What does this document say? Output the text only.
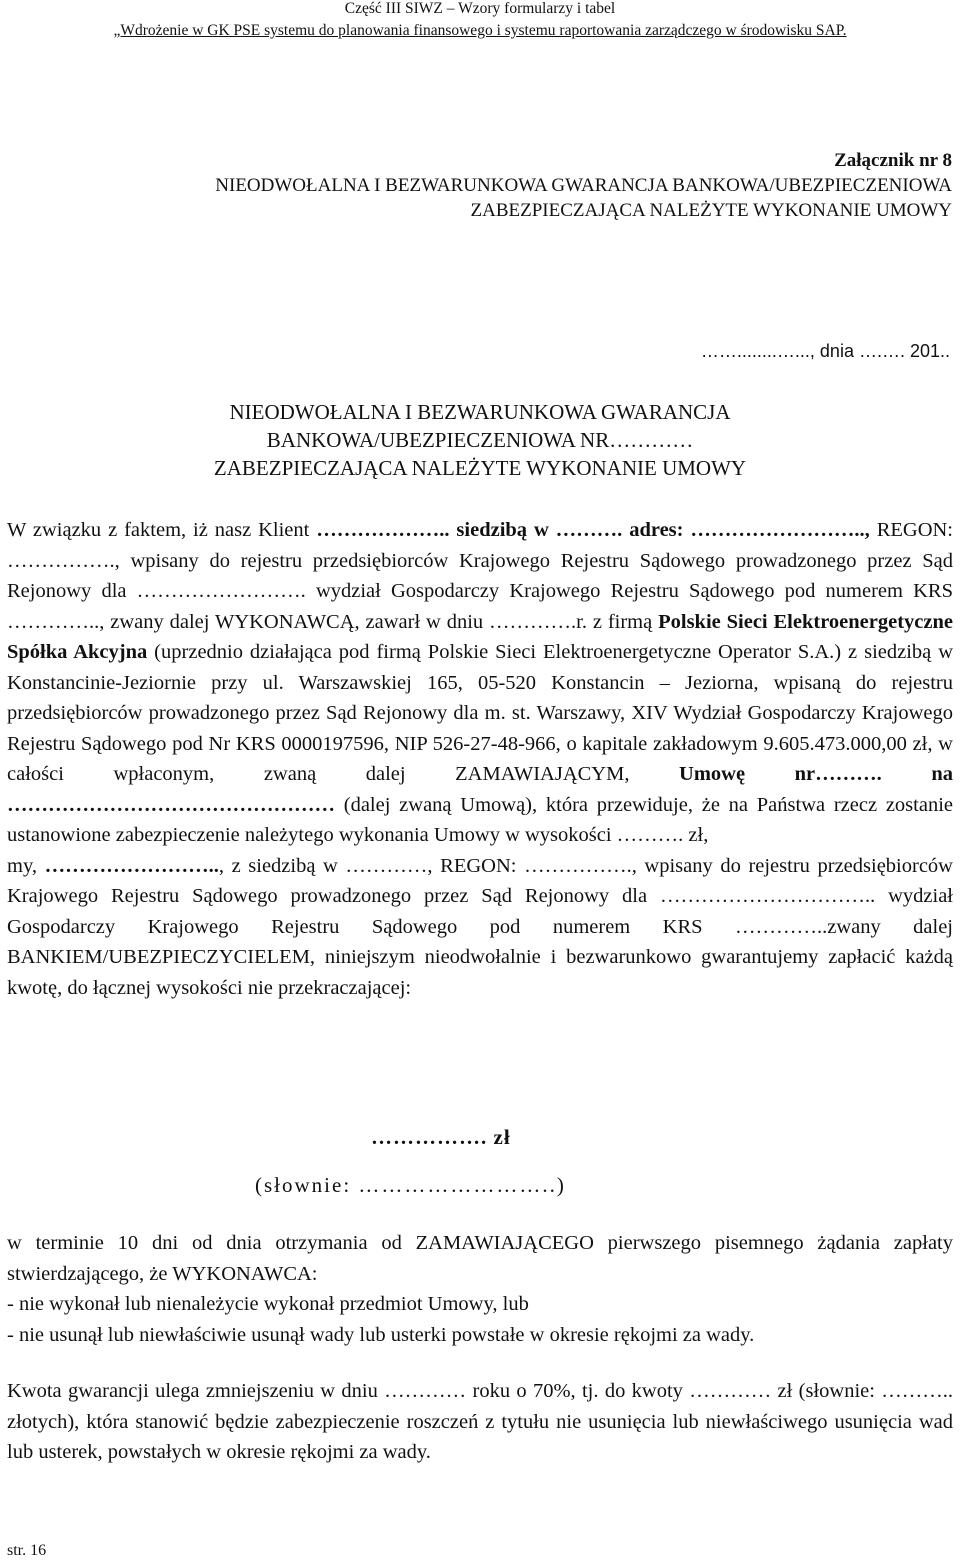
Część III SIWZ – Wzory formularzy i tabel
„Wdrożenie w GK PSE systemu do planowania finansowego i systemu raportowania zarządczego w środowisku SAP.
Załącznik nr 8
NIEODWOŁALNA I BEZWARUNKOWA GWARANCJA BANKOWA/UBEZPIECZENIOWA
ZABEZPIECZAJĄCA NALEŻYTE WYKONANIE UMOWY
……........…..., dnia ….…. 201..
NIEODWOŁALNA I BEZWARUNKOWA GWARANCJA
BANKOWA/UBEZPIECZENIOWA NR…………
ZABEZPIECZAJĄCA NALEŻYTE WYKONANIE UMOWY
W związku z faktem, iż nasz Klient ……………….. siedzibą w ………. adres: …………………….., REGON: ……………., wpisany do rejestru przedsiębiorców Krajowego Rejestru Sądowego prowadzonego przez Sąd Rejonowy dla ……………………. wydział Gospodarczy Krajowego Rejestru Sądowego pod numerem KRS ………….., zwany dalej WYKONAWCĄ, zawarł w dniu ………….r. z firmą Polskie Sieci Elektroenergetyczne Spółka Akcyjna (uprzednio działająca pod firmą Polskie Sieci Elektroenergetyczne Operator S.A.) z siedzibą w Konstancinie-Jeziornie przy ul. Warszawskiej 165, 05-520 Konstancin – Jeziorna, wpisaną do rejestru przedsiębiorców prowadzonego przez Sąd Rejonowy dla m. st. Warszawy, XIV Wydział Gospodarczy Krajowego Rejestru Sądowego pod Nr KRS 0000197596, NIP 526-27-48-966, o kapitale zakładowym 9.605.473.000,00 zł, w całości wpłaconym, zwaną dalej ZAMAWIAJĄCYM, Umowę nr………. na ………………………………………… (dalej zwaną Umową), która przewiduje, że na Państwa rzecz zostanie ustanowione zabezpieczenie należytego wykonania Umowy w wysokości ………. zł,
my, …………………….., z siedzibą w …………, REGON: ……………., wpisany do rejestru przedsiębiorców Krajowego Rejestru Sądowego prowadzonego przez Sąd Rejonowy dla ………………………….. wydział Gospodarczy Krajowego Rejestru Sądowego pod numerem KRS …………..zwany dalej BANKIEM/UBEZPIECZYCIELEM, niniejszym nieodwołalnie i bezwarunkowo gwarantujemy zapłacić każdą kwotę, do łącznej wysokości nie przekraczającej:
……………. zł
(słownie: ……………………..)
w terminie 10 dni od dnia otrzymania od ZAMAWIAJĄCEGO pierwszego pisemnego żądania zapłaty stwierdzającego, że WYKONAWCA:
- nie wykonał lub nienależycie wykonał przedmiot Umowy, lub
- nie usunął lub niewłaściwie usunął wady lub usterki powstałe w okresie rękojmi za wady.
Kwota gwarancji ulega zmniejszeniu w dniu ………… roku o 70%, tj. do kwoty ………… zł (słownie: ……….. złotych), która stanowić będzie zabezpieczenie roszczeń z tytułu nie usunięcia lub niewłaściwego usunięcia wad lub usterek, powstałych w okresie rękojmi za wady.
str. 16
